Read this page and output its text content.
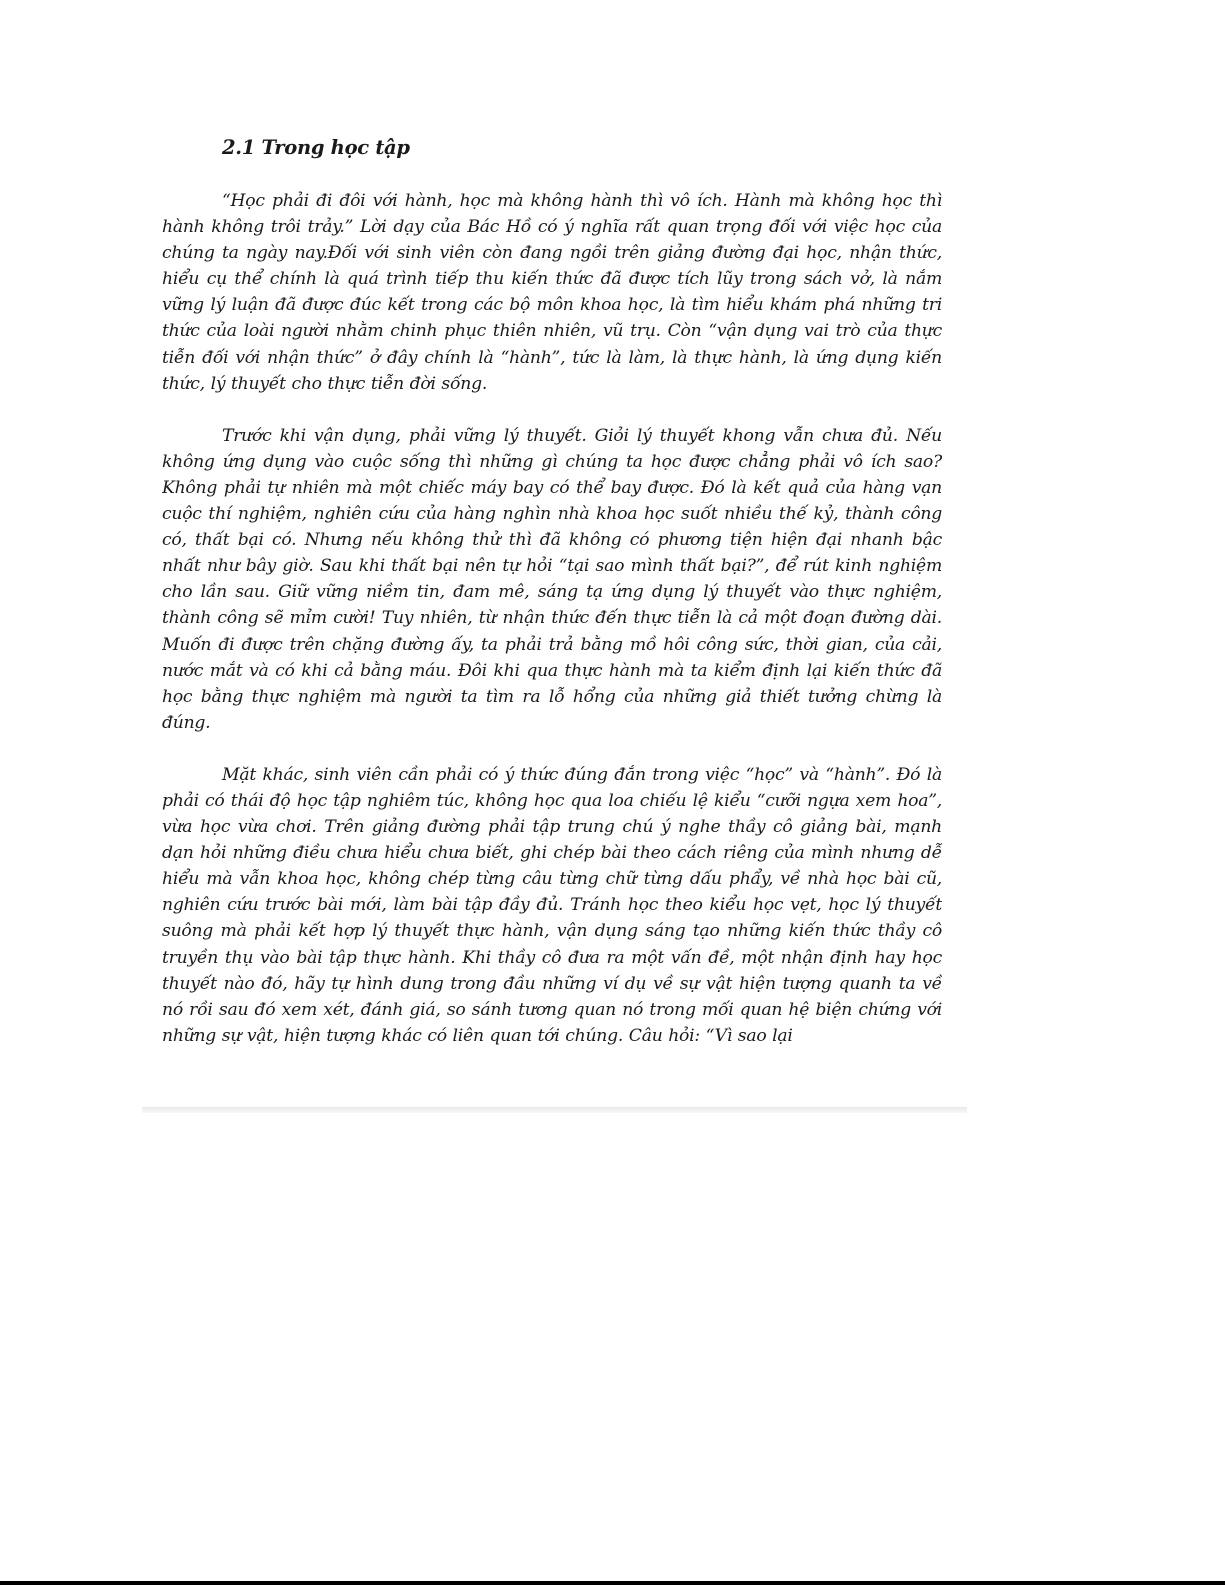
2.1 Trong học tập

“Học phải đi đôi với hành, học mà không hành thì vô ích. Hành mà không học thì hành không trôi trảy.” Lời dạy của Bác Hồ có ý nghĩa rất quan trọng đối với việc học của chúng ta ngày nay.Đối với sinh viên còn đang ngồi trên giảng đường đại học, nhận thức, hiểu cụ thể chính là quá trình tiếp thu kiến thức đã được tích lũy trong sách vở, là nắm vững lý luận đã được đúc kết trong các bộ môn khoa học, là tìm hiểu khám phá những tri thức của loài người nhằm chinh phục thiên nhiên, vũ trụ. Còn “vận dụng vai trò của thực tiễn đối với nhận thức” ở đây chính là “hành”, tức là làm, là thực hành, là ứng dụng kiến thức, lý thuyết cho thực tiễn đời sống.

Trước khi vận dụng, phải vững lý thuyết. Giỏi lý thuyết khong vẫn chưa đủ. Nếu không ứng dụng vào cuộc sống thì những gì chúng ta học được chẳng phải vô ích sao? Không phải tự nhiên mà một chiếc máy bay có thể bay được. Đó là kết quả của hàng vạn cuộc thí nghiệm, nghiên cứu của hàng nghìn nhà khoa học suốt nhiều thế kỷ, thành công có, thất bại có. Nhưng nếu không thử thì đã không có phương tiện hiện đại nhanh bậc nhất như bây giờ. Sau khi thất bại nên tự hỏi “tại sao mình thất bại?”, để rút kinh nghiệm cho lần sau. Giữ vững niềm tin, đam mê, sáng tạ ứng dụng lý thuyết vào thực nghiệm, thành công sẽ mỉm cười! Tuy nhiên, từ nhận thức đến thực tiễn là cả một đoạn đường dài. Muốn đi được trên chặng đường ấy, ta phải trả bằng mồ hôi công sức, thời gian, của cải, nước mắt và có khi cả bằng máu. Đôi khi qua thực hành mà ta kiểm định lại kiến thức đã học bằng thực nghiệm mà người ta tìm ra lỗ hổng của những giả thiết tưởng chừng là đúng.

Mặt khác, sinh viên cần phải có ý thức đúng đắn trong việc “học” và “hành”. Đó là phải có thái độ học tập nghiêm túc, không học qua loa chiếu lệ kiểu “cưỡi ngựa xem hoa”, vừa học vừa chơi. Trên giảng đường phải tập trung chú ý nghe thầy cô giảng bài, mạnh dạn hỏi những điều chưa hiểu chưa biết, ghi chép bài theo cách riêng của mình nhưng dễ hiểu mà vẫn khoa học, không chép từng câu từng chữ từng dấu phẩy, về nhà học bài cũ, nghiên cứu trước bài mới, làm bài tập đầy đủ. Tránh học theo kiểu học vẹt, học lý thuyết suông mà phải kết hợp lý thuyết thực hành, vận dụng sáng tạo những kiến thức thầy cô truyền thụ vào bài tập thực hành. Khi thầy cô đưa ra một vấn đề, một nhận định hay học thuyết nào đó, hãy tự hình dung trong đầu những ví dụ về sự vật hiện tượng quanh ta về nó rồi sau đó xem xét, đánh giá, so sánh tương quan nó trong mối quan hệ biện chứng với những sự vật, hiện tượng khác có liên quan tới chúng. Câu hỏi: “Vì sao lại
